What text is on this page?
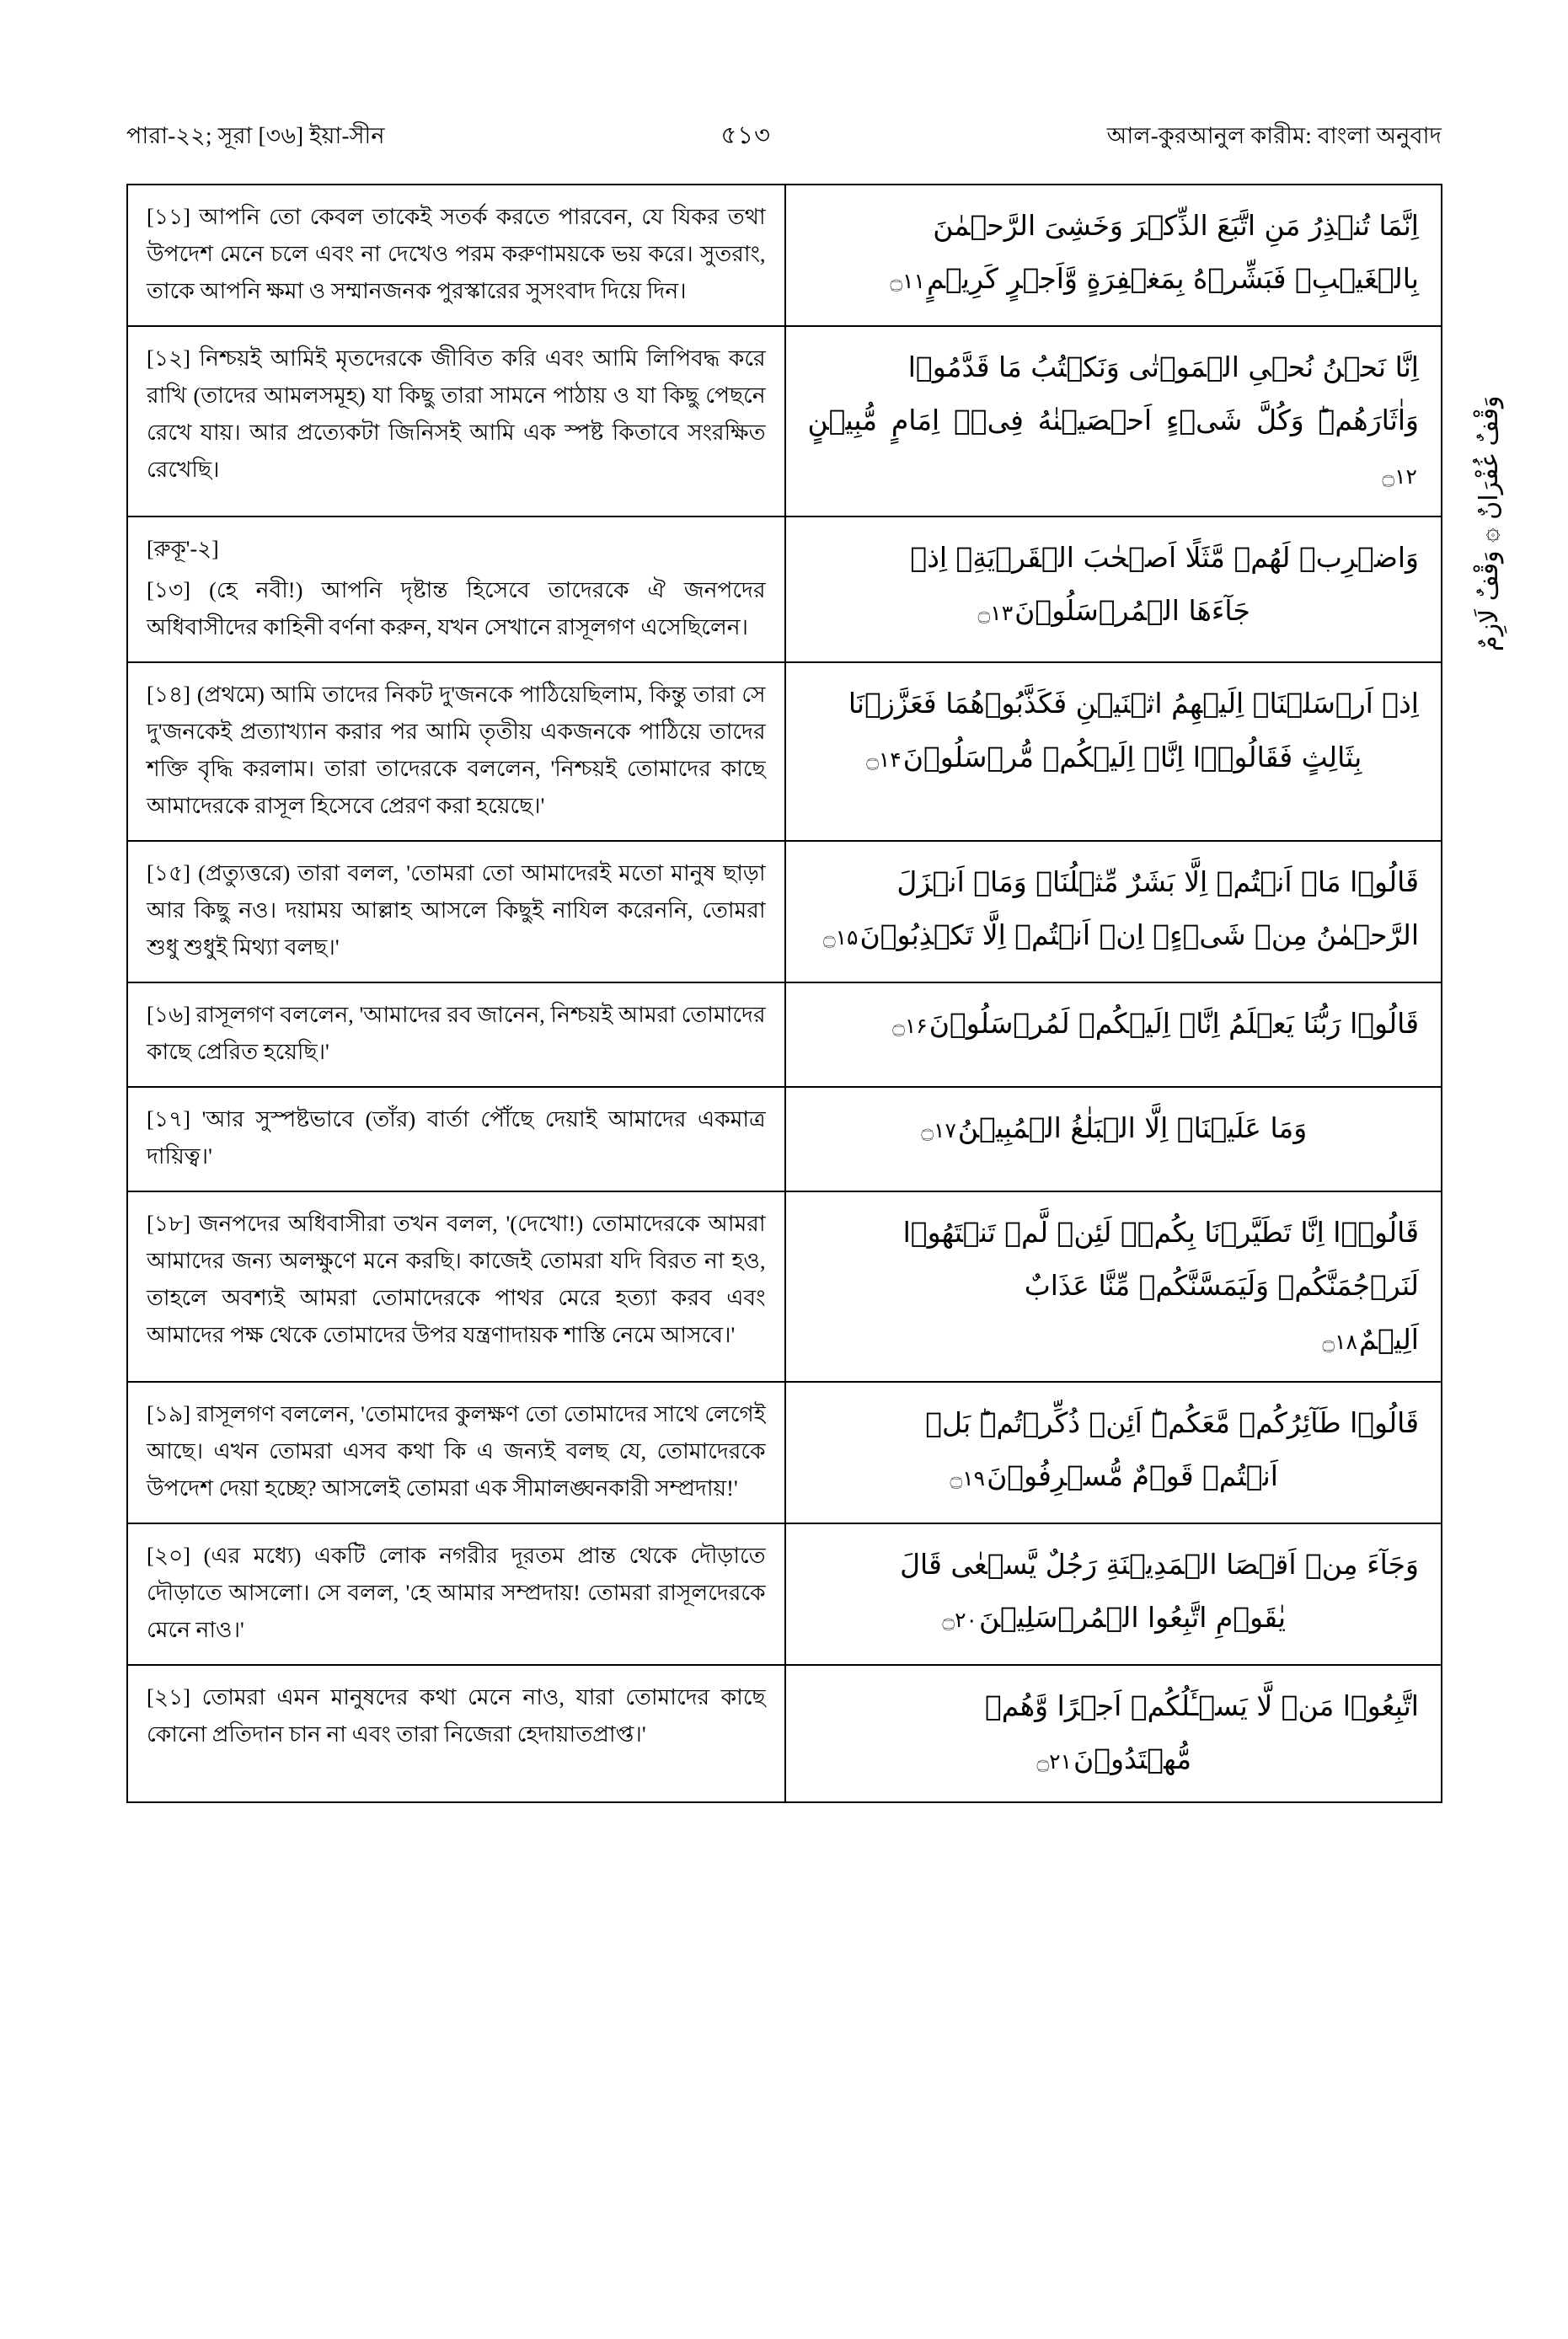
পারা-২২; সূরা [৩৬] ইয়া-সীন	৫১৩	আল-কুরআনুল কারীম: বাংলা অনুবাদ
وَقْفٌ غُفْرَانٌ ۞ وَقْفٌ لَازِمٌ
[১১] আপনি তো কেবল তাকেই সতর্ক করতে পারবেন, যে যিকর তথা উপদেশ মেনে চলে এবং না দেখেও পরম করুণাময়কে ভয় করে। সুতরাং, তাকে আপনি ক্ষমা ও সম্মানজনক পুরস্কারের সুসংবাদ দিয়ে দিন।
اِنَّمَا تُنۡذِرُ مَنِ اتَّبَعَ الذِّكۡرَ وَخَشِیَ الرَّحۡمٰنَ
بِالۡغَیۡبِ‌ۚ فَبَشِّرۡهُ بِمَغۡفِرَةٍ وَّاَجۡرٍ کَرِیۡمٍ۝۱۱
[১২] নিশ্চয়ই আমিই মৃতদেরকে জীবিত করি এবং আমি লিপিবদ্ধ করে রাখি (তাদের আমলসমূহ) যা কিছু তারা সামনে পাঠায় ও যা কিছু পেছনে রেখে যায়। আর প্রত্যেকটা জিনিসই আমি এক স্পষ্ট কিতাবে সংরক্ষিত রেখেছি।
اِنَّا نَحۡنُ نُحۡیِ الۡمَوۡتٰی وَنَکۡتُبُ مَا قَدَّمُوۡا
وَاٰثَارَهُمۡ‌ؕ وَکُلَّ شَیۡءٍ اَحۡصَیۡنٰهُ فِیۡۤ اِمَامٍ مُّبِیۡنٍ۝۱۲
[রুকূ'-২]
[১৩] (হে নবী!) আপনি দৃষ্টান্ত হিসেবে তাদেরকে ঐ জনপদের অধিবাসীদের কাহিনী বর্ণনা করুন, যখন সেখানে রাসূলগণ এসেছিলেন।
وَاضۡرِبۡ لَهُمۡ مَّثَلًا اَصۡحٰبَ الۡقَرۡیَةِ‌ۘ اِذۡ
جَآءَهَا الۡمُرۡسَلُوۡنَ۝۱۳
[১৪] (প্রথমে) আমি তাদের নিকট দু'জনকে পাঠিয়েছিলাম, কিন্তু তারা সে দু'জনকেই প্রত্যাখ্যান করার পর আমি তৃতীয় একজনকে পাঠিয়ে তাদের শক্তি বৃদ্ধি করলাম। তারা তাদেরকে বললেন, 'নিশ্চয়ই তোমাদের কাছে আমাদেরকে রাসূল হিসেবে প্রেরণ করা হয়েছে।'
اِذۡ اَرۡسَلۡنَاۤ اِلَیۡهِمُ اثۡنَیۡنِ فَکَذَّبُوۡهُمَا فَعَزَّزۡنَا
بِثَالِثٍ فَقَالُوۡۤا اِنَّاۤ اِلَیۡکُمۡ مُّرۡسَلُوۡنَ۝۱۴
[১৫] (প্রত্যুত্তরে) তারা বলল, 'তোমরা তো আমাদেরই মতো মানুষ ছাড়া আর কিছু নও। দয়াময় আল্লাহ আসলে কিছুই নাযিল করেননি, তোমরা শুধু শুধুই মিথ্যা বলছ।'
قَالُوۡا مَاۤ اَنۡتُمۡ اِلَّا بَشَرٌ مِّثۡلُنَا‌ۙ وَمَاۤ اَنۡزَلَ
الرَّحۡمٰنُ مِنۡ شَیۡءٍ‌ۙ اِنۡ اَنۡتُمۡ اِلَّا تَکۡذِبُوۡنَ۝۱۵
[১৬] রাসূলগণ বললেন, 'আমাদের রব জানেন, নিশ্চয়ই আমরা তোমাদের কাছে প্রেরিত হয়েছি।'
قَالُوۡا رَبُّنَا یَعۡلَمُ اِنَّاۤ اِلَیۡکُمۡ لَمُرۡسَلُوۡنَ۝۱۶
[১৭] 'আর সুস্পষ্টভাবে (তাঁর) বার্তা পৌঁছে দেয়াই আমাদের একমাত্র দায়িত্ব।'
وَمَا عَلَیۡنَاۤ اِلَّا الۡبَلٰغُ الۡمُبِیۡنُ۝۱۷
[১৮] জনপদের অধিবাসীরা তখন বলল, '(দেখো!) তোমাদেরকে আমরা আমাদের জন্য অলক্ষুণে মনে করছি। কাজেই তোমরা যদি বিরত না হও, তাহলে অবশ্যই আমরা তোমাদেরকে পাথর মেরে হত্যা করব এবং আমাদের পক্ষ থেকে তোমাদের উপর যন্ত্রণাদায়ক শাস্তি নেমে আসবে।'
قَالُوۡۤا اِنَّا تَطَیَّرۡنَا بِکُمۡ‌ۚ لَئِنۡ لَّمۡ تَنۡتَهُوۡا
لَنَرۡجُمَنَّکُمۡ وَلَیَمَسَّنَّکُمۡ مِّنَّا عَذَابٌ
اَلِیۡمٌ۝۱۸
[১৯] রাসূলগণ বললেন, 'তোমাদের কুলক্ষণ তো তোমাদের সাথে লেগেই আছে। এখন তোমরা এসব কথা কি এ জন্যই বলছ যে, তোমাদেরকে উপদেশ দেয়া হচ্ছে? আসলেই তোমরা এক সীমালঙ্ঘনকারী সম্প্রদায়!'
قَالُوۡا طَآئِرُکُمۡ مَّعَکُمۡ‌ؕ اَئِنۡ ذُکِّرۡتُمۡ‌ؕ بَلۡ
اَنۡتُمۡ قَوۡمٌ مُّسۡرِفُوۡنَ۝۱۹
[২০] (এর মধ্যে) একটি লোক নগরীর দূরতম প্রান্ত থেকে দৌড়াতে দৌড়াতে আসলো। সে বলল, 'হে আমার সম্প্রদায়! তোমরা রাসূলদেরকে মেনে নাও।'
وَجَآءَ مِنۡ اَقۡصَا الۡمَدِیۡنَةِ رَجُلٌ یَّسۡعٰی قَالَ
یٰقَوۡمِ اتَّبِعُوا الۡمُرۡسَلِیۡنَ۝۲۰
[২১] তোমরা এমন মানুষদের কথা মেনে নাও, যারা তোমাদের কাছে কোনো প্রতিদান চান না এবং তারা নিজেরা হেদায়াতপ্রাপ্ত।'
اتَّبِعُوۡا مَنۡ لَّا یَسۡـَٔلُکُمۡ اَجۡرًا وَّهُمۡ
مُّهۡتَدُوۡنَ۝۲۱
